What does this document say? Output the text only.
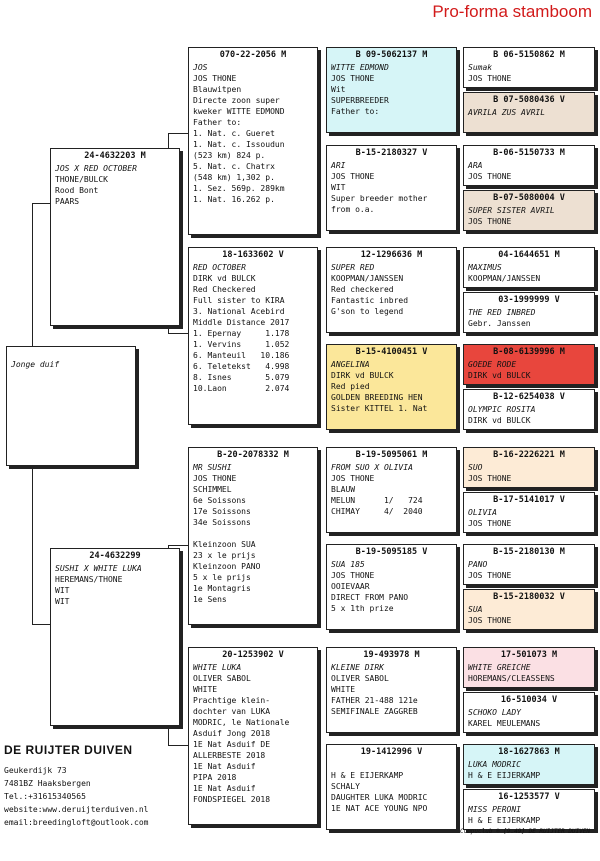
Pro-forma stamboom
Jonge duif
24-4632203 M
JOS X RED OCTOBER
THONE/BULCK
Rood Bont
PAARS
24-4632299
SUSHI X WHITE LUKA
HEREMANS/THONE
WIT
WIT
070-22-2056 M
JOS
JOS THONE
Blauwitpen
Directe zoon super
kweker WITTE EDMOND
Father to:
1. Nat. c. Gueret
1. Nat. c. Issoudun
(523 km) 824 p.
5. Nat. c. Chatrx
(548 km) 1,302 p.
1. Sez. 569p. 289km
1. Nat. 16.262 p.
18-1633602 V
RED OCTOBER
DIRK vd BULCK
Red Checkered
Full sister to KIRA
3. National Acebird
Middle Distance 2017
1. Epernay     1.178
1. Vervins     1.052
6. Manteuil   10.186
6. Teletekst   4.998
8. Isnes       5.079
10.Laon        2.074
B-20-2078332 M
MR SUSHI
JOS THONE
SCHIMMEL
6e Soissons
17e Soissons
34e Soissons

Kleinzoon SUA
23 x le prijs
Kleinzoon PANO
5 x le prijs
1e Montagris
1e Sens
20-1253902 V
WHITE LUKA
OLIVER SABOL
WHITE
Prachtige klein-
dochter van LUKA
MODRIC, le Nationale
Asduif Jong 2018
1E Nat Asduif DE
ALLERBESTE 2018
1E Nat Asduif
PIPA 2018
1E Nat Asduif
FONDSPIEGEL 2018
B 09-5062137 M
WITTE EDMOND
JOS THONE
Wit
SUPERBREEDER
Father to:
B-15-2180327 V
ARI
JOS THONE
WIT
Super breeder mother
from o.a.
12-1296636 M
SUPER RED
KOOPMAN/JANSSEN
Red checkered
Fantastic inbred
G'son to legend
B-15-4100451 V
ANGELINA
DIRK vd BULCK
Red pied
GOLDEN BREEDING HEN
Sister KITTEL 1. Nat
B-19-5095061 M
FROM SUO X OLIVIA
JOS THONE
BLAUW
MELUN      1/   724
CHIMAY     4/  2040
B-19-5095185 V
SUA 185
JOS THONE
OOIEVAAR
DIRECT FROM PANO
5 x 1th prize
19-493978 M
KLEINE DIRK
OLIVER SABOL
WHITE
FATHER 21-488 121e
SEMIFINALE ZAGGREB
19-1412996 V

H & E EIJERKAMP
SCHALY
DAUGHTER LUKA MODRIC
1E NAT ACE YOUNG NPO
B 06-5150862 M
Sumak
JOS THONE
B 07-5080436 V
AVRILA ZUS AVRIL
B-06-5150733 M
ARA
JOS THONE
B-07-5080004 V
SUPER SISTER AVRIL
JOS THONE
04-1644651 M
MAXIMUS
KOOPMAN/JANSSEN
03-1999999 V
THE RED INBRED
Gebr. Janssen
B-08-6139996 M
GOEDE RODE
DIRK vd BULCK
B-12-6254038 V
OLYMPIC ROSITA
DIRK vd BULCK
B-16-2226221 M
SUO
JOS THONE
B-17-5141017 V
OLIVIA
JOS THONE
B-15-2180130 M
PANO
JOS THONE
B-15-2180032 V
SUA
JOS THONE
17-501073 M
WHITE GREICHE
HOREMANS/CLEASSENS
16-510034 V
SCHOKO LADY
KAREL MEULEMANS
18-1627863 M
LUKA MODRIC
H & E EIJERKAMP
16-1253577 V
MISS PERONI
H & E EIJERKAMP
DE RUIJTER DUIVEN
Geukerdijk 73
7481BZ Haaksbergen
Tel.:+31615340565
website:www.deruijterduiven.nl
email:breedingloft@outlook.com
Compuclub ® [9.49] DE RUIJTER DUIVEN
